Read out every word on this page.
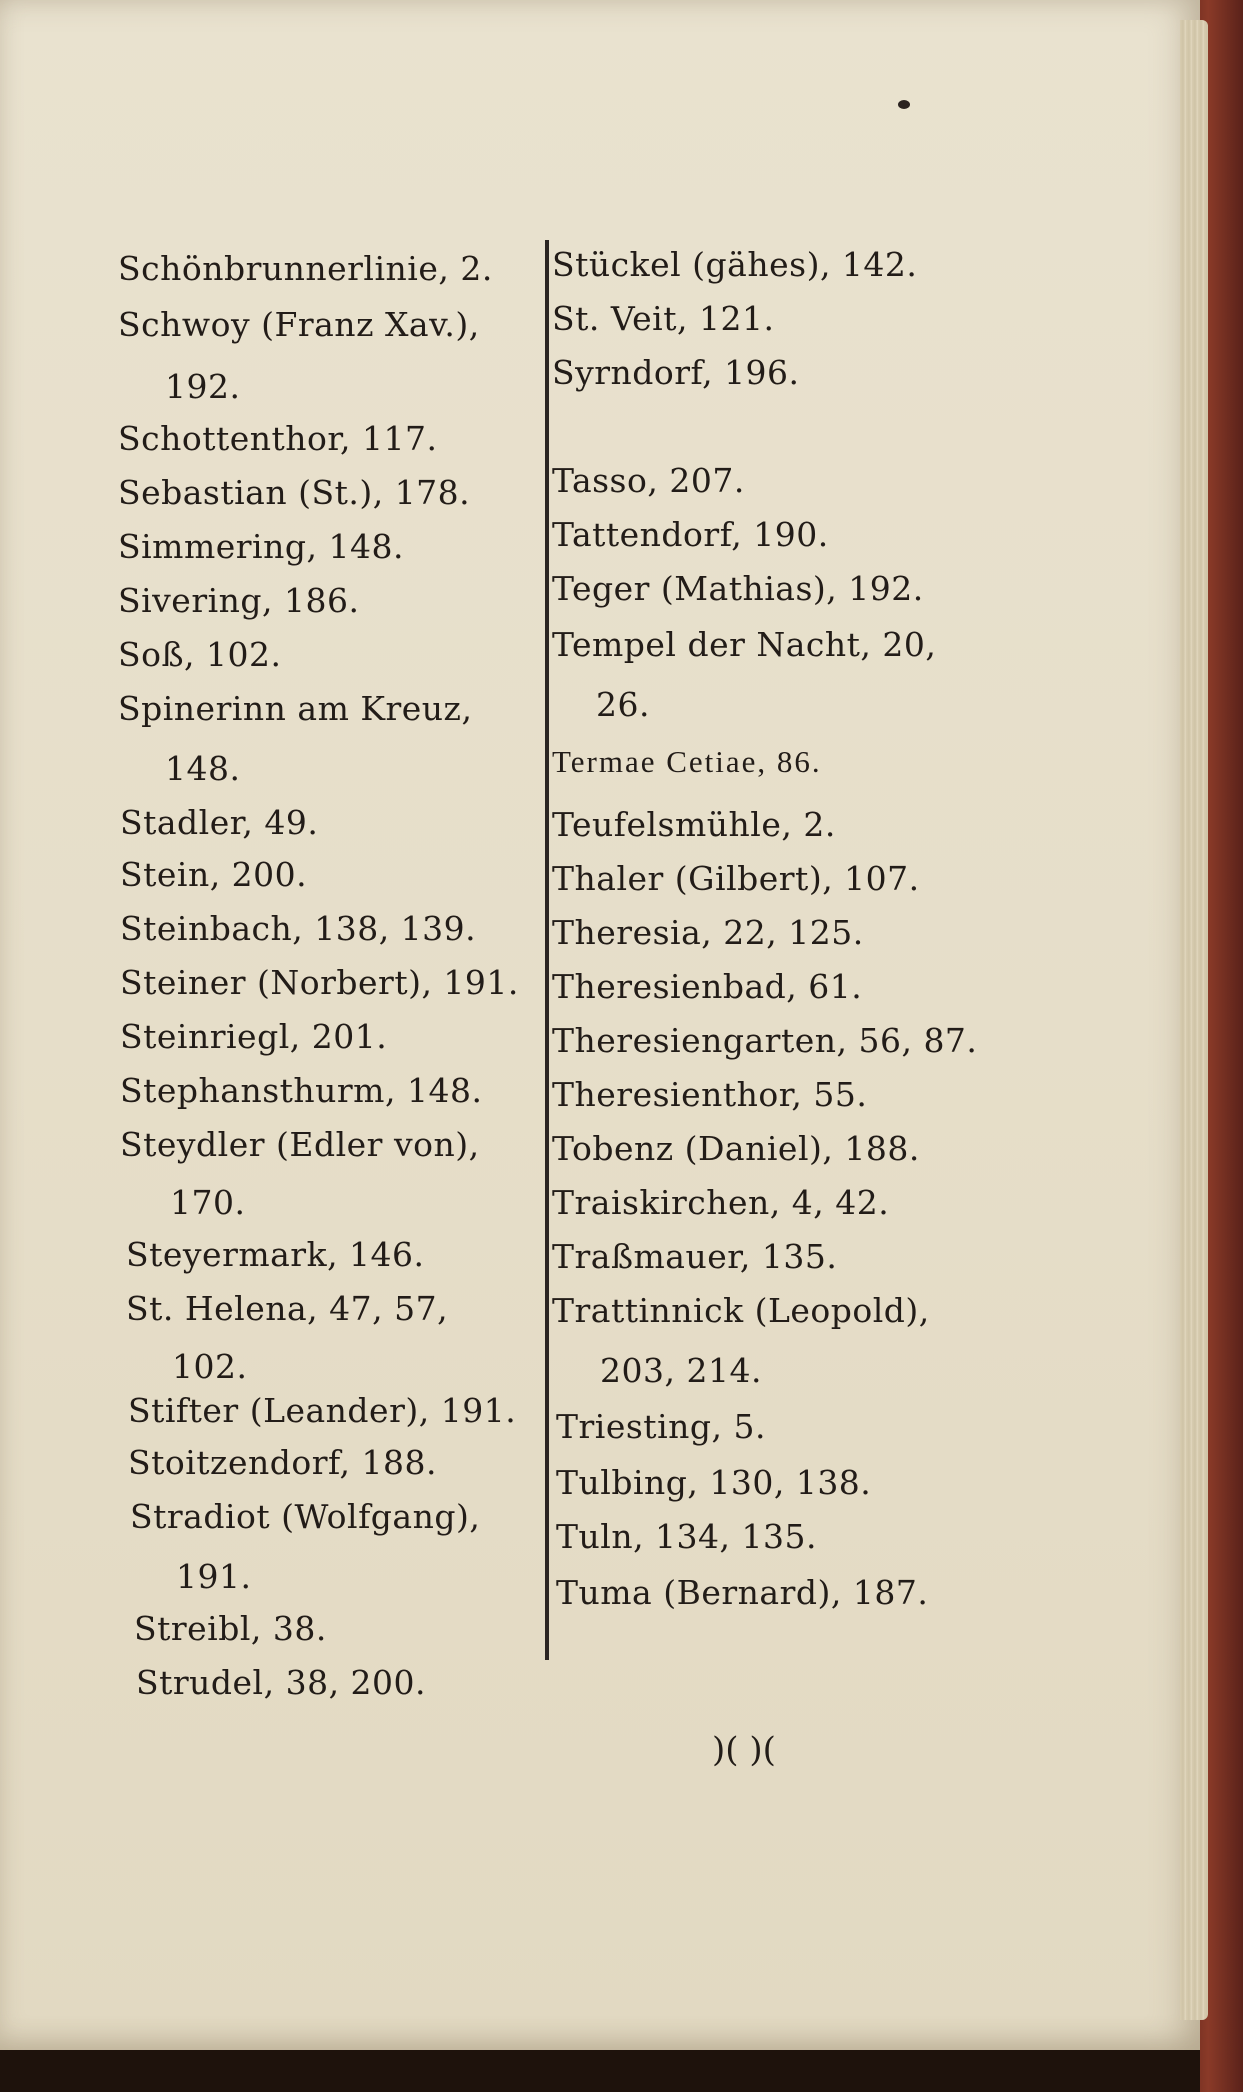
Schönbrunnerlinie, 2.
Schwoy (Franz Xav.),
192.
Schottenthor, 117.
Sebastian (St.), 178.
Simmering, 148.
Sivering, 186.
Soß, 102.
Spinerinn am Kreuz,
148.
Stadler, 49.
Stein, 200.
Steinbach, 138, 139.
Steiner (Norbert), 191.
Steinriegl, 201.
Stephansthurm, 148.
Steydler (Edler von),
170.
Steyermark, 146.
St. Helena, 47, 57,
102.
Stifter (Leander), 191.
Stoitzendorf, 188.
Stradiot (Wolfgang),
191.
Streibl, 38.
Strudel, 38, 200.
Stückel (gähes), 142.
St. Veit, 121.
Syrndorf, 196.
Tasso, 207.
Tattendorf, 190.
Teger (Mathias), 192.
Tempel der Nacht, 20,
26.
Termae Cetiae, 86.
Teufelsmühle, 2.
Thaler (Gilbert), 107.
Theresia, 22, 125.
Theresienbad, 61.
Theresiengarten, 56, 87.
Theresienthor, 55.
Tobenz (Daniel), 188.
Traiskirchen, 4, 42.
Traßmauer, 135.
Trattinnick (Leopold),
203, 214.
Triesting, 5.
Tulbing, 130, 138.
Tuln, 134, 135.
Tuma (Bernard), 187.
)( )(
